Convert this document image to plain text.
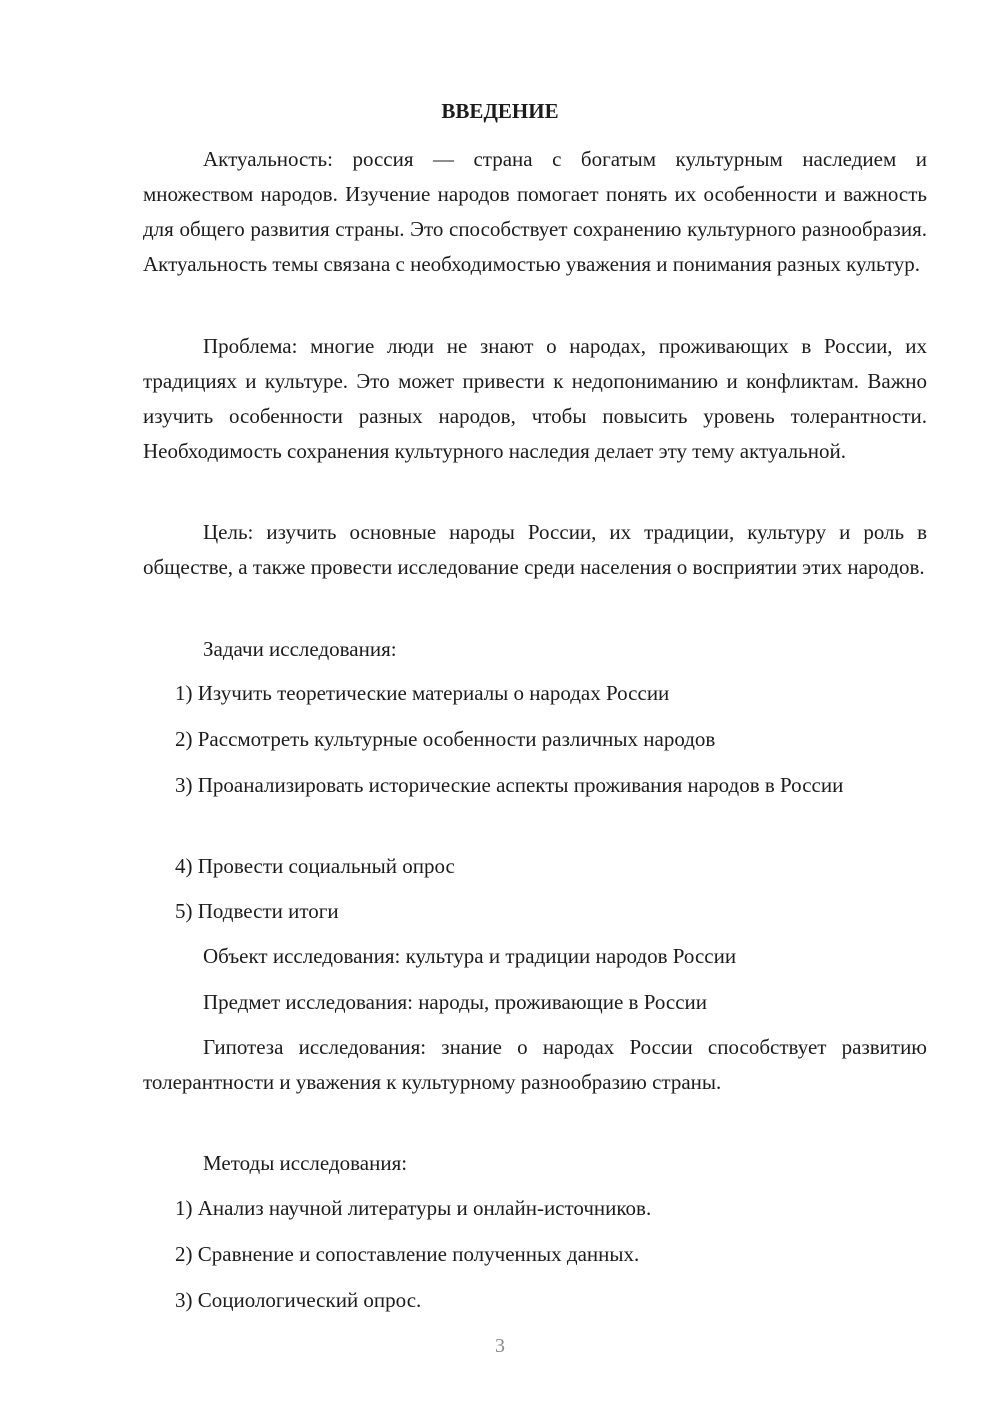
ВВЕДЕНИЕ

Актуальность: россия — страна с богатым культурным наследием и множеством народов. Изучение народов помогает понять их особенности и важность для общего развития страны. Это способствует сохранению культурного разнообразия. Актуальность темы связана с необходимостью уважения и понимания разных культур.

Проблема: многие люди не знают о народах, проживающих в России, их традициях и культуре. Это может привести к недопониманию и конфликтам. Важно изучить особенности разных народов, чтобы повысить уровень толерантности. Необходимость сохранения культурного наследия делает эту тему актуальной.

Цель: изучить основные народы России, их традиции, культуру и роль в обществе, а также провести исследование среди населения о восприятии этих народов.

Задачи исследования:

1) Изучить теоретические материалы о народах России

2) Рассмотреть культурные особенности различных народов

3) Проанализировать исторические аспекты проживания народов в России

4) Провести социальный опрос

5) Подвести итоги

Объект исследования: культура и традиции народов России

Предмет исследования: народы, проживающие в России

Гипотеза исследования: знание о народах России способствует развитию толерантности и уважения к культурному разнообразию страны.

Методы исследования:

1) Анализ научной литературы и онлайн-источников.

2) Сравнение и сопоставление полученных данных.

3) Социологический опрос.

3
